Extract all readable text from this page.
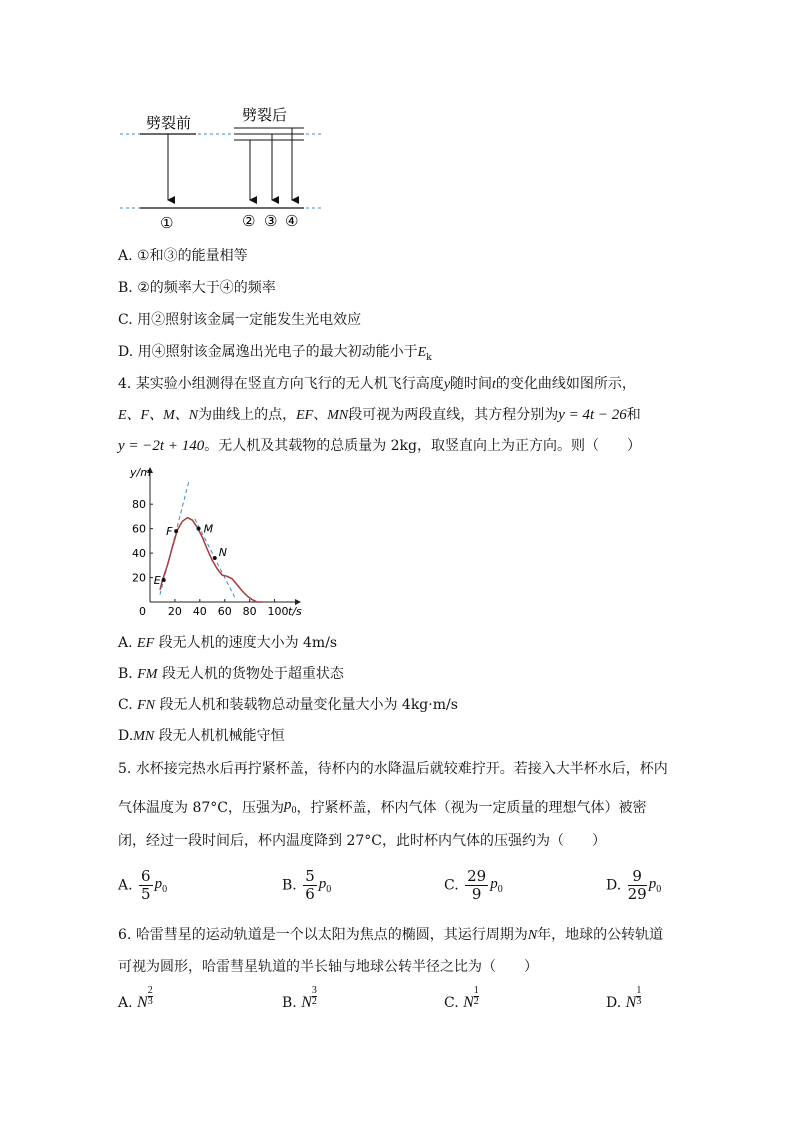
劈裂前	劈裂后
①	② ③ ④
A. ①和③的能量相等
B. ②的频率大于④的频率
C. 用②照射该金属一定能发生光电效应
D. 用④照射该金属逸出光电子的最大初动能小于$E_k$
4. 某实验小组测得在竖直方向飞行的无人机飞行高度y随时间t的变化曲线如图所示，
E、F、M、N为曲线上的点，EF、MN段可视为两段直线，其方程分别为y = 4t − 26和
y = −2t + 140。无人机及其载物的总质量为 2kg，取竖直向上为正方向。则（　　）
y/m
t/s
0 20 40 60 80 100
20
40
60
80
E
F	M
N
A. EF 段无人机的速度大小为 4m/s
B. FM 段无人机的货物处于超重状态
C. FN 段无人机和装载物总动量变化量大小为 4kg·m/s
D.MN 段无人机机械能守恒
5. 水杯接完热水后再拧紧杯盖，待杯内的水降温后就较难拧开。若接入大半杯水后，杯内
气体温度为 87°C，压强为$p_0$，拧紧杯盖，杯内气体（视为一定质量的理想气体）被密
闭，经过一段时间后，杯内温度降到 27°C，此时杯内气体的压强约为（　　）
A. $\frac{6}{5} p_0$	B. $\frac{5}{6} p_0$	C. $\frac{29}{9} p_0$	D. $\frac{9}{29} p_0$
6. 哈雷彗星的运动轨道是一个以太阳为焦点的椭圆，其运行周期为N年，地球的公转轨道
可视为圆形，哈雷彗星轨道的半长轴与地球公转半径之比为（　　）
A. N $^{\frac{2}{3}}$	B. N $^{\frac{3}{2}}$	C. N $^{\frac{1}{2}}$	D. N $^{\frac{1}{3}}$
